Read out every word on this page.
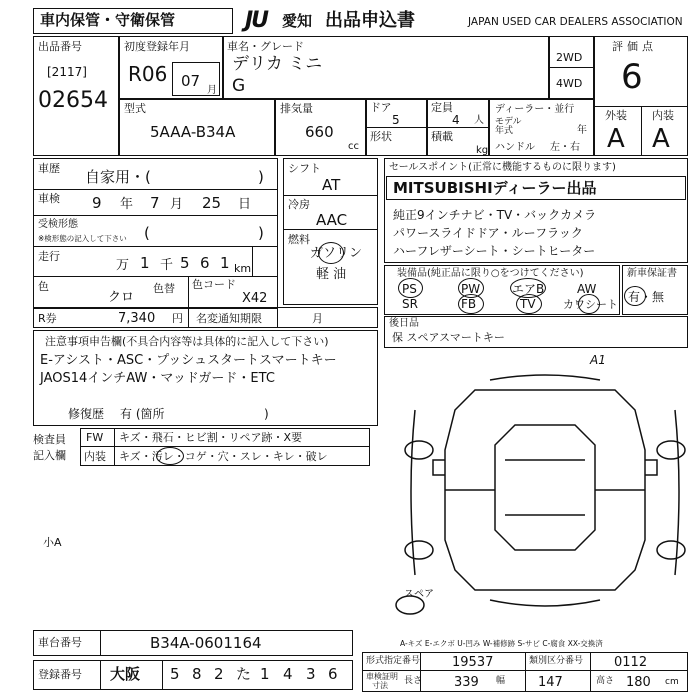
車内保管・守衛保管	JU 愛知 出品申込書	JAPAN USED CAR DEALERS ASSOCIATION
出品番号
[2117]
02654
初度登録年月
R06 07
月
車名・グレード
デリカ ミニ
G
2WD
4WD
評価点
6
外装 内装
A A
型式
5AAA-B34A
排気量
660
cc
ドア
5
定員
4 人
形状	積載
kg
ディーラー・並行
モデル
年式	年
ハンドル 左・右
車歴 自家用・(	)
車検 9 年 7 月 25 日
受検形態
※検形態の記入して下さい (	)
走行
万 1 千 5 6 1 km
色
クロ
色替 色コード
X42
R券	7,340 円 名変通知期限	月
シフト
AT
冷房
AAC
燃料
ガソリン
軽 油
セールスポイント(正常に機能するものに限ります)
MITSUBISHIディーラー出品
純正9インチナビ・TV・バックカメラ
パワースライドドア・ルーフラック
ハーフレザーシート・シートヒーター
装備品(純正品に限り○をつけてください)
PS	PW	エアB	AW
SR	FB	TV カワシート
新車保証書
有・無
後日品
保 スペアスマートキー
注意事項申告欄(不具合内容等は具体的に記入して下さい)
E-アシスト・ASC・プッシュスタートスマートキー
JAOS14インチAW・マッドガード・ETC
修復歴 有 (箇所	)
検査員
記入欄
FW キズ・飛石・ヒビ割・リペア跡・X要
内装 キズ・汚レ・コゲ・穴・スレ・キレ・破レ
A1
小A
スペア
A-キズ E-エクボ U-凹み W-補修跡 S-サビ C-腐食 XX-交換済
車台番号	B34A-0601164
登録番号 大阪 5 8 2 た 1 4 3 6
形式指定番号 19537	類別区分番号 0112
車検証明
寸法 長さ 339 幅	147	高さ 180 cm
